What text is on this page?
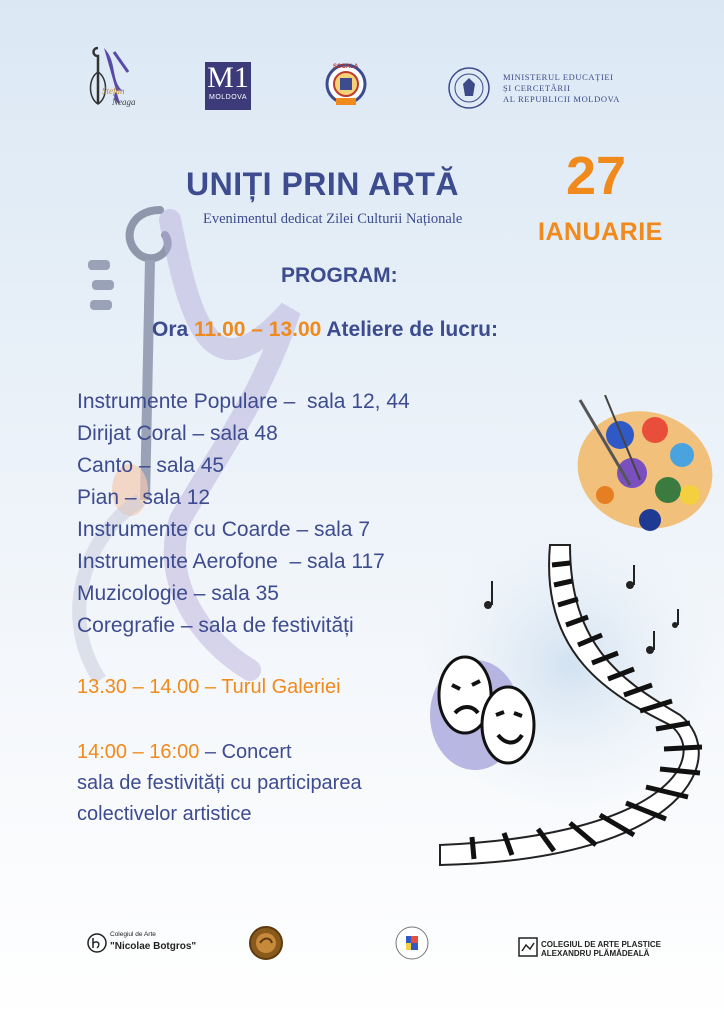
Ștefan
Neaga
M1
MOLDOVA
ȘCOALA
MINISTERUL EDUCAȚIEI
ȘI CERCETĂRII
AL REPUBLICII MOLDOVA
UNIȚI PRIN ARTĂ
Evenimentul dedicat Zilei Culturii Naționale
27
IANUARIE
PROGRAM:
Ora 11.00 – 13.00 Ateliere de lucru:
Instrumente Populare –  sala 12, 44
Dirijat Coral – sala 48
Canto – sala 45
Pian – sala 12
Instrumente cu Coarde – sala 7
Instrumente Aerofone  – sala 117
Muzicologie – sala 35
Coregrafie – sala de festivități
13.30 – 14.00 – Turul Galeriei
14:00 – 16:00 – Concert
sala de festivități cu participarea
colectivelor artistice
Colegiul de Arte
"Nicolae Botgros"	COLEGIUL DE ARTE PLASTICE
ALEXANDRU PLĂMĂDEALĂ
